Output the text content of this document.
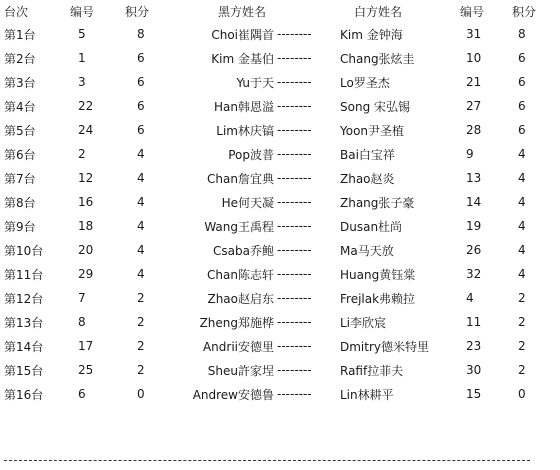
台次	编号	积分	黑方姓名	白方姓名	编号 积分
第1台	5	8	Choi崔隅首 -------- Kim 金钟海	31	8
第2台	1	6	Kim 金基伯 -------- Chang张炫圭	10	6
第3台	3	6	Yu于天 -------- Lo罗圣杰	21	6
第4台	22	6	Han韩恩溢 -------- Song 宋弘锡	27	6
第5台	24	6	Lim林庆镐 -------- Yoon尹圣植	28	6
第6台	2	4	Pop波普 -------- Bai白宝祥	9	4
第7台	12	4	Chan詹宜典 -------- Zhao赵炎	13	4
第8台	16	4	He何天凝 -------- Zhang张子豪	14	4
第9台	18	4	Wang王禹程 -------- Dusan杜尚	19	4
第10台	20	4	Csaba乔鲍 -------- Ma马天放	26	4
第11台	29	4	Chan陈志轩 -------- Huang黄钰棠	32	4
第12台	7	2	Zhao赵启东 -------- Frejlak弗赖拉	4	2
第13台	8	2	Zheng郑施桦 -------- Li李欣宸	11	2
第14台	17	2	Andrii安德里 -------- Dmitry德米特里	23	2
第15台	25	2	Sheu許家埕 -------- Rafif拉菲夫	30	2
第16台	6	0	Andrew安德鲁 -------- Lin林耕平	15	0
